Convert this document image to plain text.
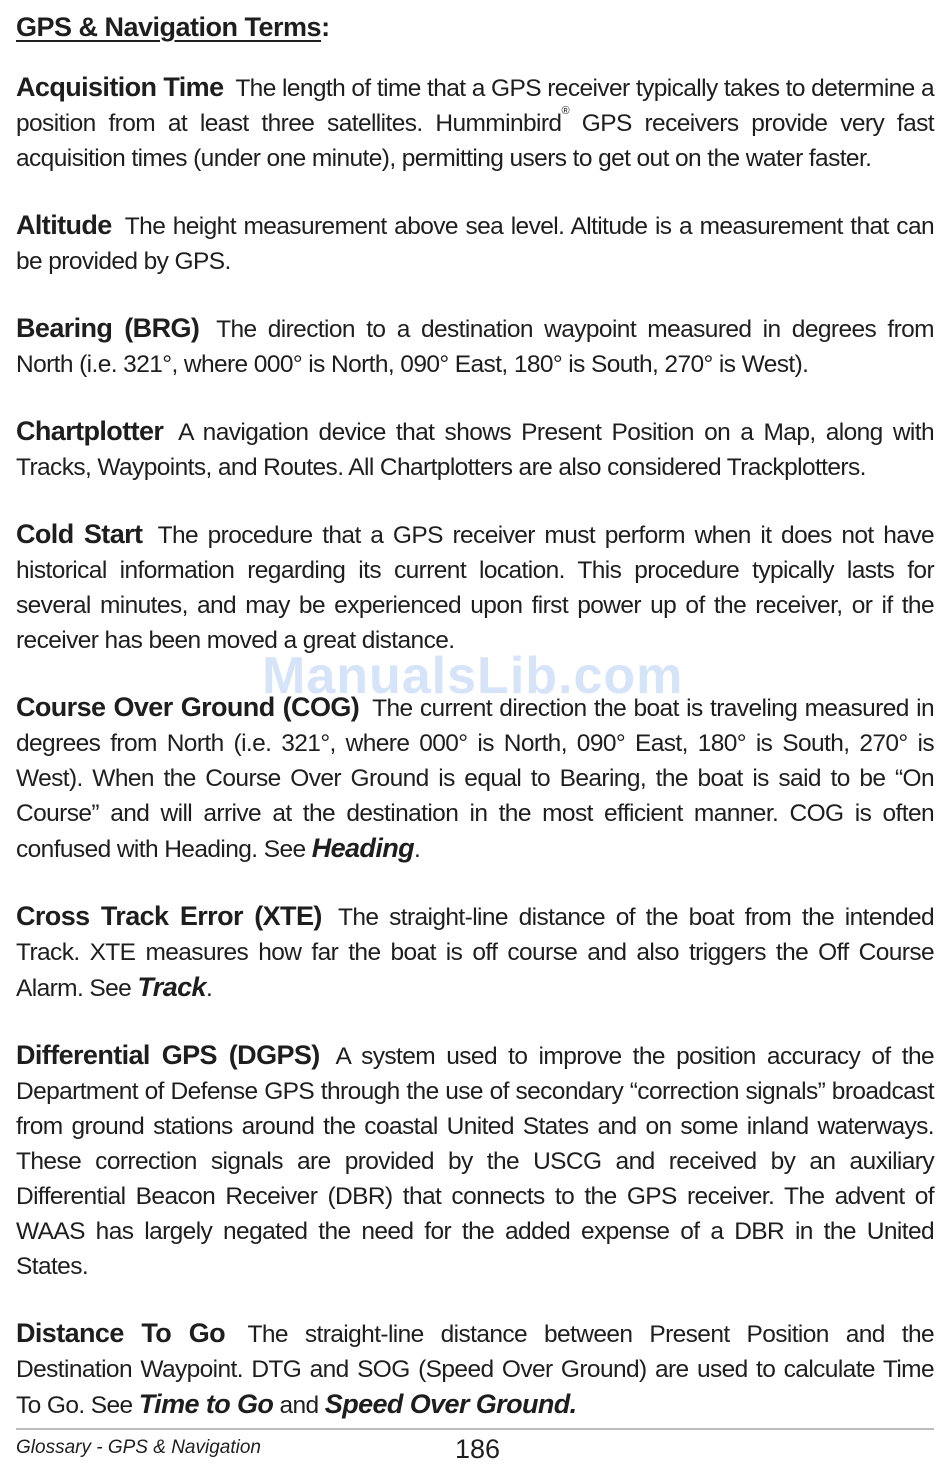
GPS & Navigation Terms:

Acquisition Time The length of time that a GPS receiver typically takes to determine a position from at least three satellites. Humminbird® GPS receivers provide very fast acquisition times (under one minute), permitting users to get out on the water faster.

Altitude The height measurement above sea level. Altitude is a measurement that can be provided by GPS.

Bearing (BRG) The direction to a destination waypoint measured in degrees from North (i.e. 321°, where 000° is North, 090° East, 180° is South, 270° is West).

Chartplotter A navigation device that shows Present Position on a Map, along with Tracks, Waypoints, and Routes. All Chartplotters are also considered Trackplotters.

Cold Start The procedure that a GPS receiver must perform when it does not have historical information regarding its current location. This procedure typically lasts for several minutes, and may be experienced upon first power up of the receiver, or if the receiver has been moved a great distance.

Course Over Ground (COG) The current direction the boat is traveling measured in degrees from North (i.e. 321°, where 000° is North, 090° East, 180° is South, 270° is West). When the Course Over Ground is equal to Bearing, the boat is said to be “On Course” and will arrive at the destination in the most efficient manner. COG is often confused with Heading. See Heading.

Cross Track Error (XTE) The straight-line distance of the boat from the intended Track. XTE measures how far the boat is off course and also triggers the Off Course Alarm. See Track.

Differential GPS (DGPS) A system used to improve the position accuracy of the Department of Defense GPS through the use of secondary “correction signals” broadcast from ground stations around the coastal United States and on some inland waterways. These correction signals are provided by the USCG and received by an auxiliary Differential Beacon Receiver (DBR) that connects to the GPS receiver. The advent of WAAS has largely negated the need for the added expense of a DBR in the United States.

Distance To Go The straight-line distance between Present Position and the Destination Waypoint. DTG and SOG (Speed Over Ground) are used to calculate Time To Go. See Time to Go and Speed Over Ground.

ManualsLib.com
Glossary - GPS & Navigation	186
